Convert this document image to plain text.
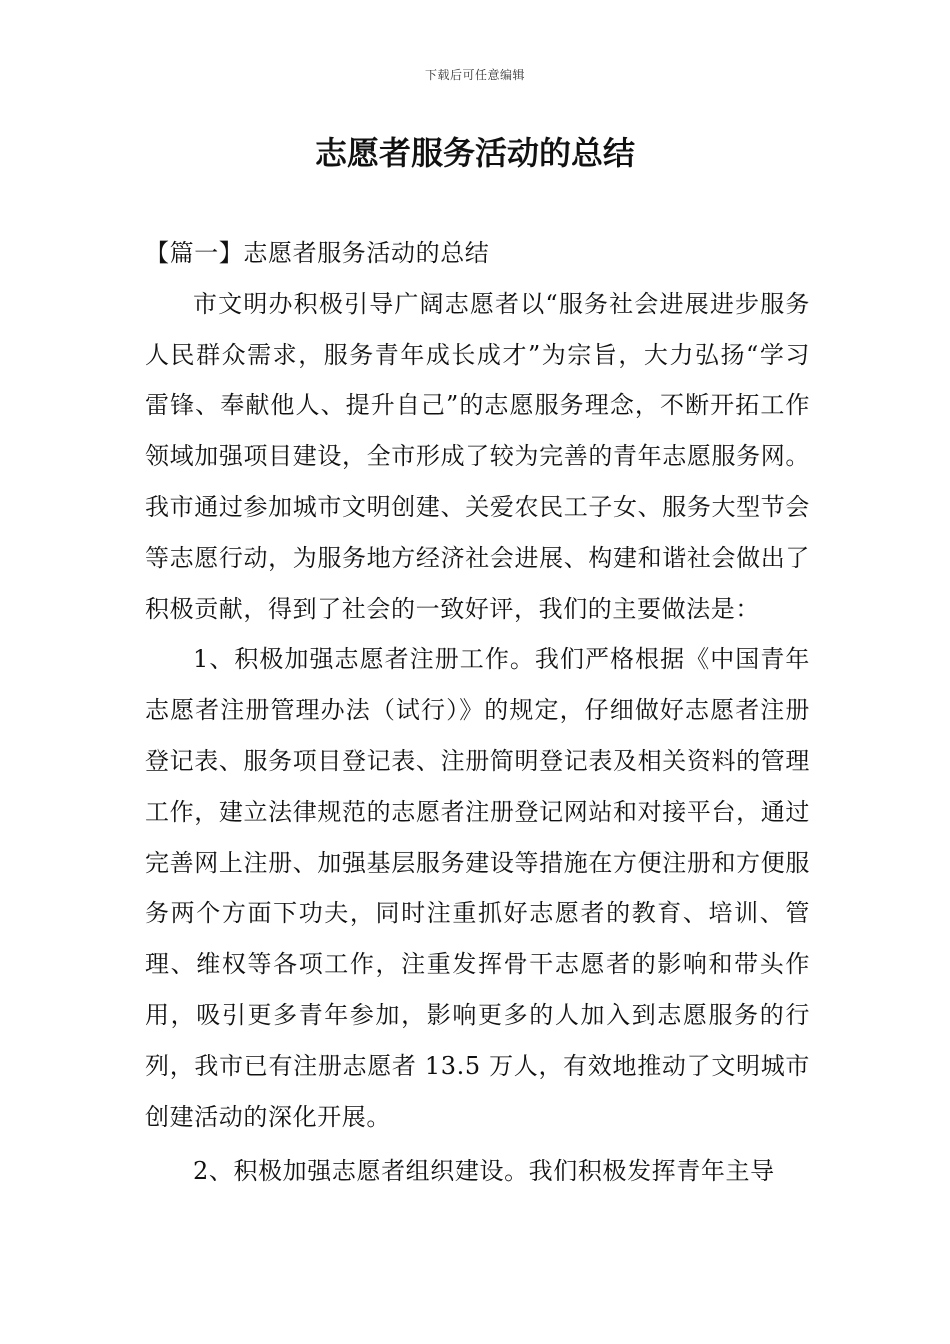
下载后可任意编辑
志愿者服务活动的总结

【篇一】志愿者服务活动的总结

市文明办积极引导广阔志愿者以“服务社会进展进步服务人民群众需求，服务青年成长成才”为宗旨，大力弘扬“学习雷锋、奉献他人、提升自己”的志愿服务理念，不断开拓工作领域加强项目建设，全市形成了较为完善的青年志愿服务网。我市通过参加城市文明创建、关爱农民工子女、服务大型节会等志愿行动，为服务地方经济社会进展、构建和谐社会做出了积极贡献，得到了社会的一致好评，我们的主要做法是：

1、积极加强志愿者注册工作。我们严格根据《中国青年志愿者注册管理办法（试行）》的规定，仔细做好志愿者注册登记表、服务项目登记表、注册简明登记表及相关资料的管理工作，建立法律规范的志愿者注册登记网站和对接平台，通过完善网上注册、加强基层服务建设等措施在方便注册和方便服务两个方面下功夫，同时注重抓好志愿者的教育、培训、管理、维权等各项工作，注重发挥骨干志愿者的影响和带头作用，吸引更多青年参加，影响更多的人加入到志愿服务的行列，我市已有注册志愿者 13.5 万人，有效地推动了文明城市创建活动的深化开展。

2、积极加强志愿者组织建设。我们积极发挥青年主导
